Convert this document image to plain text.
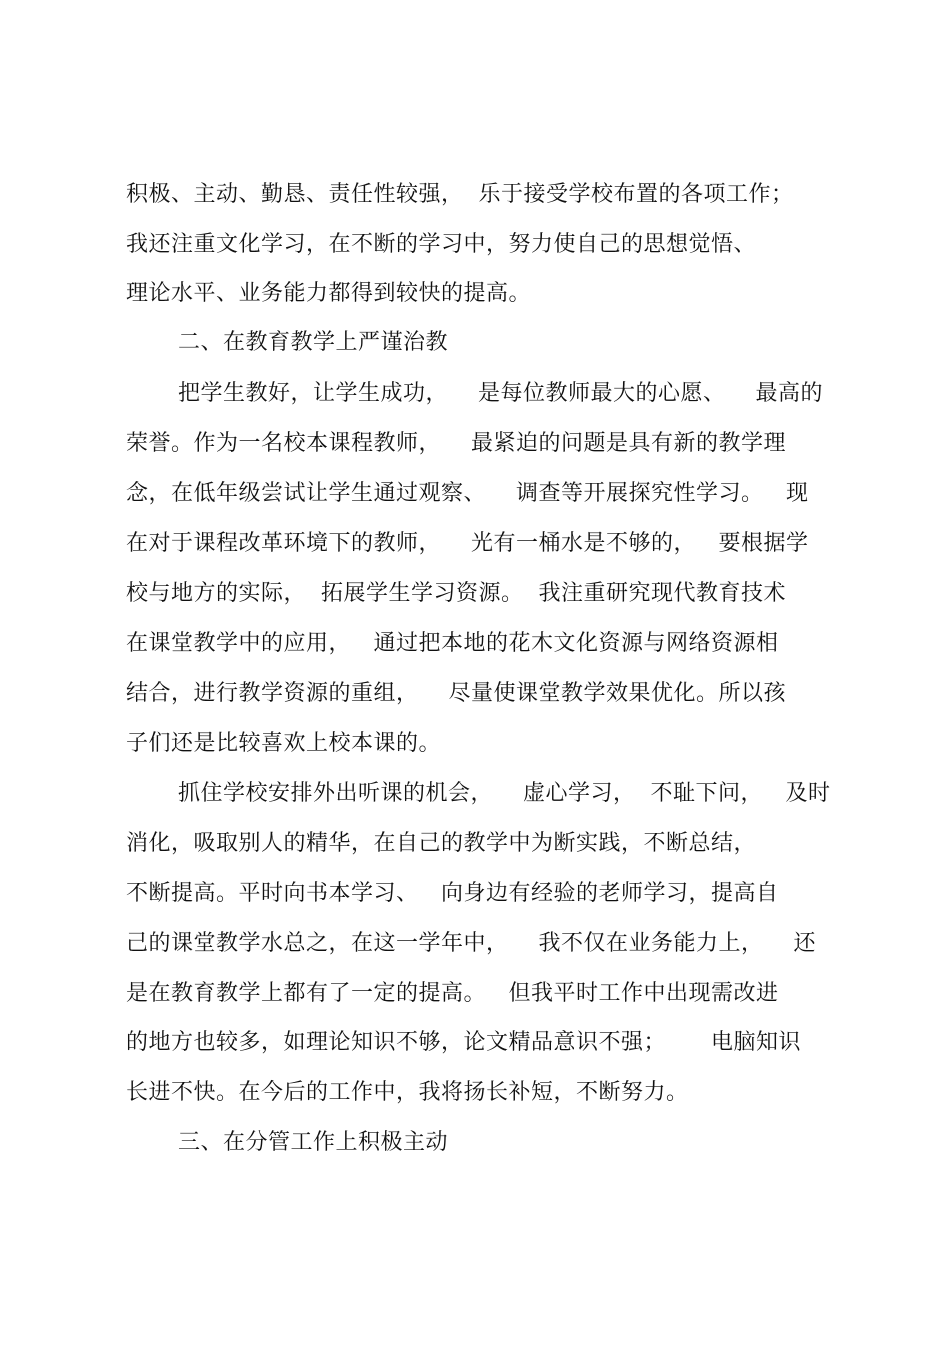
积极、主动、勤恳、责任性较强，  乐于接受学校布置的各项工作；
我还注重文化学习，在不断的学习中，努力使自己的思想觉悟、
理论水平、业务能力都得到较快的提高。
二、在教育教学上严谨治教
把学生教好，让学生成功，    是每位教师最大的心愿、    最高的
荣誉。作为一名校本课程教师，    最紧迫的问题是具有新的教学理
念，在低年级尝试让学生通过观察、    调查等开展探究性学习。   现
在对于课程改革环境下的教师，    光有一桶水是不够的，   要根据学
校与地方的实际，  拓展学生学习资源。  我注重研究现代教育技术
在课堂教学中的应用，   通过把本地的花木文化资源与网络资源相
结合，进行教学资源的重组，    尽量使课堂教学效果优化。所以孩
子们还是比较喜欢上校本课的。
抓住学校安排外出听课的机会，    虚心学习，  不耻下问，   及时
消化，吸取别人的精华，在自己的教学中为断实践，不断总结，
不断提高。平时向书本学习、   向身边有经验的老师学习，提高自
己的课堂教学水总之，在这一学年中，    我不仅在业务能力上，    还
是在教育教学上都有了一定的提高。   但我平时工作中出现需改进
的地方也较多，如理论知识不够，论文精品意识不强；      电脑知识
长进不快。在今后的工作中，我将扬长补短，不断努力。
三、在分管工作上积极主动
